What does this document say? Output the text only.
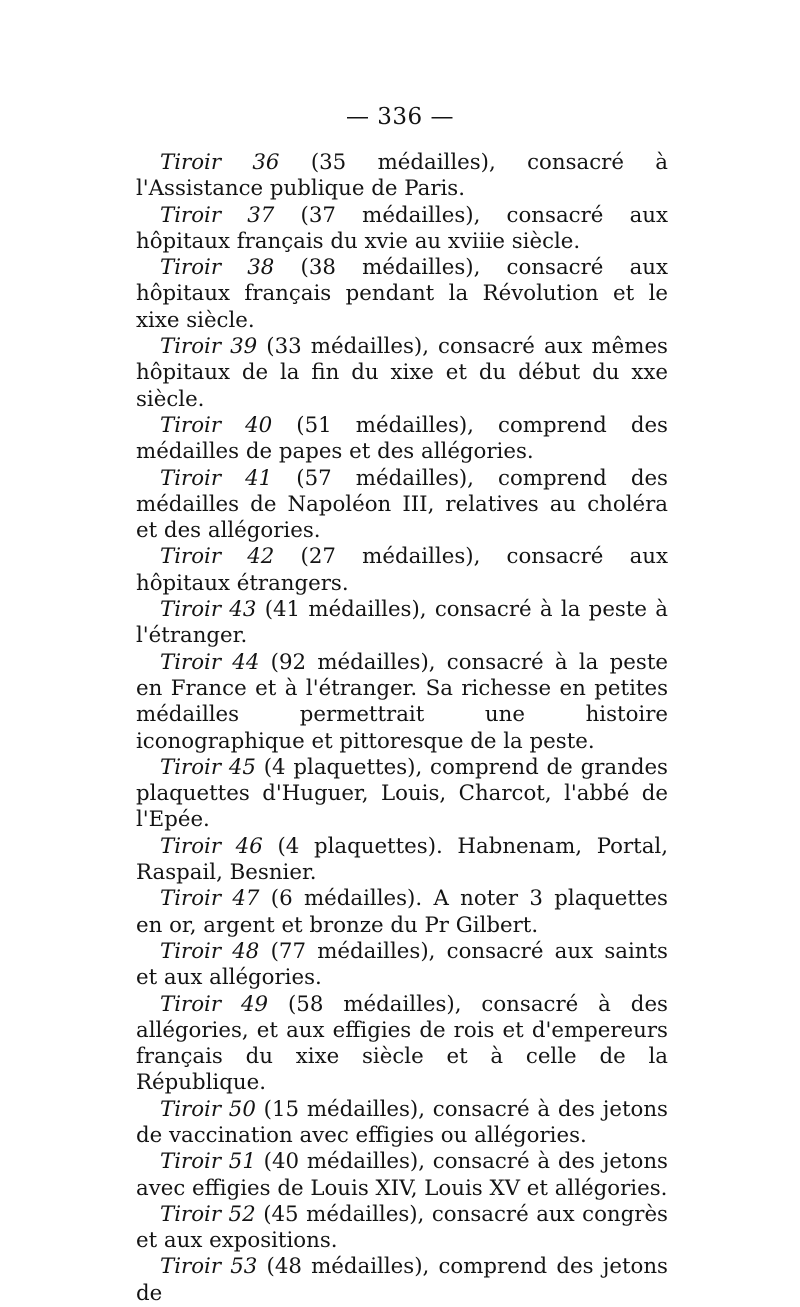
— 336 —

Tiroir 36 (35 médailles), consacré à l'Assistance publique de Paris.

Tiroir 37 (37 médailles), consacré aux hôpitaux français du xvie au xviiie siècle.

Tiroir 38 (38 médailles), consacré aux hôpitaux français pendant la Révolution et le xixe siècle.

Tiroir 39 (33 médailles), consacré aux mêmes hôpitaux de la fin du xixe et du début du xxe siècle.

Tiroir 40 (51 médailles), comprend des médailles de papes et des allégories.

Tiroir 41 (57 médailles), comprend des médailles de Napoléon III, relatives au choléra et des allégories.

Tiroir 42 (27 médailles), consacré aux hôpitaux étrangers.

Tiroir 43 (41 médailles), consacré à la peste à l'étranger.

Tiroir 44 (92 médailles), consacré à la peste en France et à l'étranger. Sa richesse en petites médailles permettrait une histoire iconographique et pittoresque de la peste.

Tiroir 45 (4 plaquettes), comprend de grandes plaquettes d'Huguer, Louis, Charcot, l'abbé de l'Epée.

Tiroir 46 (4 plaquettes). Habnenam, Portal, Raspail, Besnier.

Tiroir 47 (6 médailles). A noter 3 plaquettes en or, argent et bronze du Pr Gilbert.

Tiroir 48 (77 médailles), consacré aux saints et aux allégories.

Tiroir 49 (58 médailles), consacré à des allégories, et aux effigies de rois et d'empereurs français du xixe siècle et à celle de la République.

Tiroir 50 (15 médailles), consacré à des jetons de vaccination avec effigies ou allégories.

Tiroir 51 (40 médailles), consacré à des jetons avec effigies de Louis XIV, Louis XV et allégories.

Tiroir 52 (45 médailles), consacré aux congrès et aux expositions.

Tiroir 53 (48 médailles), comprend des jetons de
